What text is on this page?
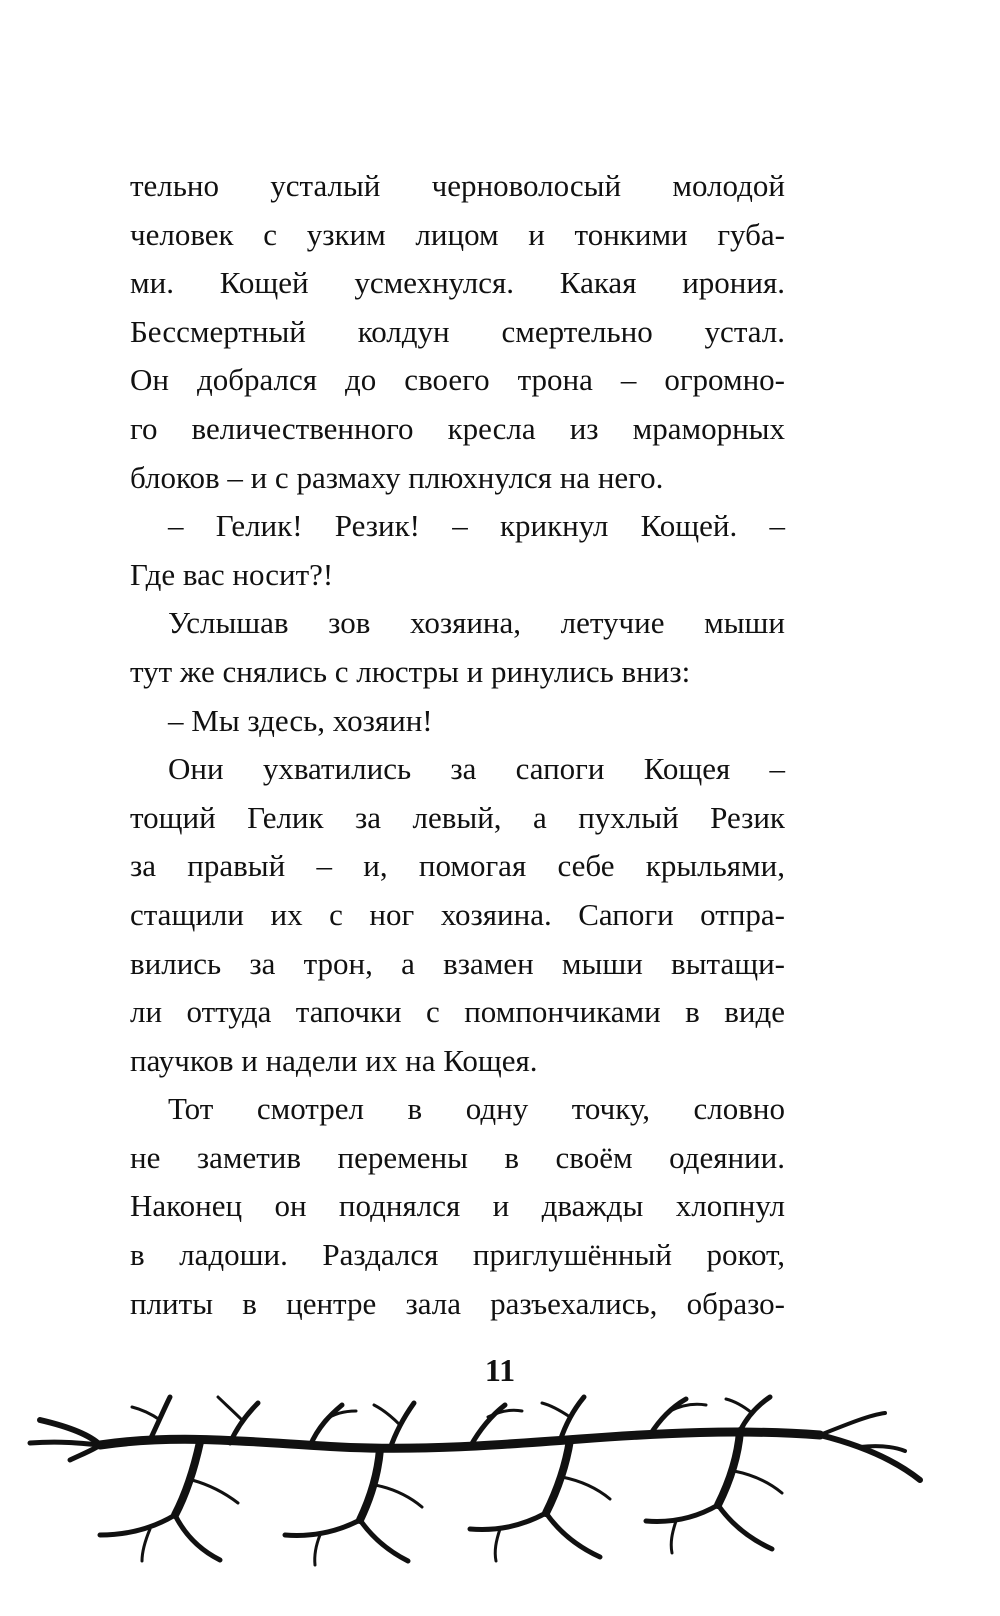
тельно усталый черноволосый молодой
человек с узким лицом и тонкими губа-
ми. Кощей усмехнулся. Какая ирония.
Бессмертный колдун смертельно устал.
Он добрался до своего трона – огромно-
го величественного кресла из мраморных
блоков – и с размаху плюхнулся на него.
– Гелик! Резик! – крикнул Кощей. –
Где вас носит?!
Услышав зов хозяина, летучие мыши
тут же снялись с люстры и ринулись вниз:
– Мы здесь, хозяин!
Они ухватились за сапоги Кощея –
тощий Гелик за левый, а пухлый Резик
за правый – и, помогая себе крыльями,
стащили их с ног хозяина. Сапоги отпра-
вились за трон, а взамен мыши вытащи-
ли оттуда тапочки с помпончиками в виде
паучков и надели их на Кощея.
Тот смотрел в одну точку, словно
не заметив перемены в своём одеянии.
Наконец он поднялся и дважды хлопнул
в ладоши. Раздался приглушённый рокот,
плиты в центре зала разъехались, образо-
11
